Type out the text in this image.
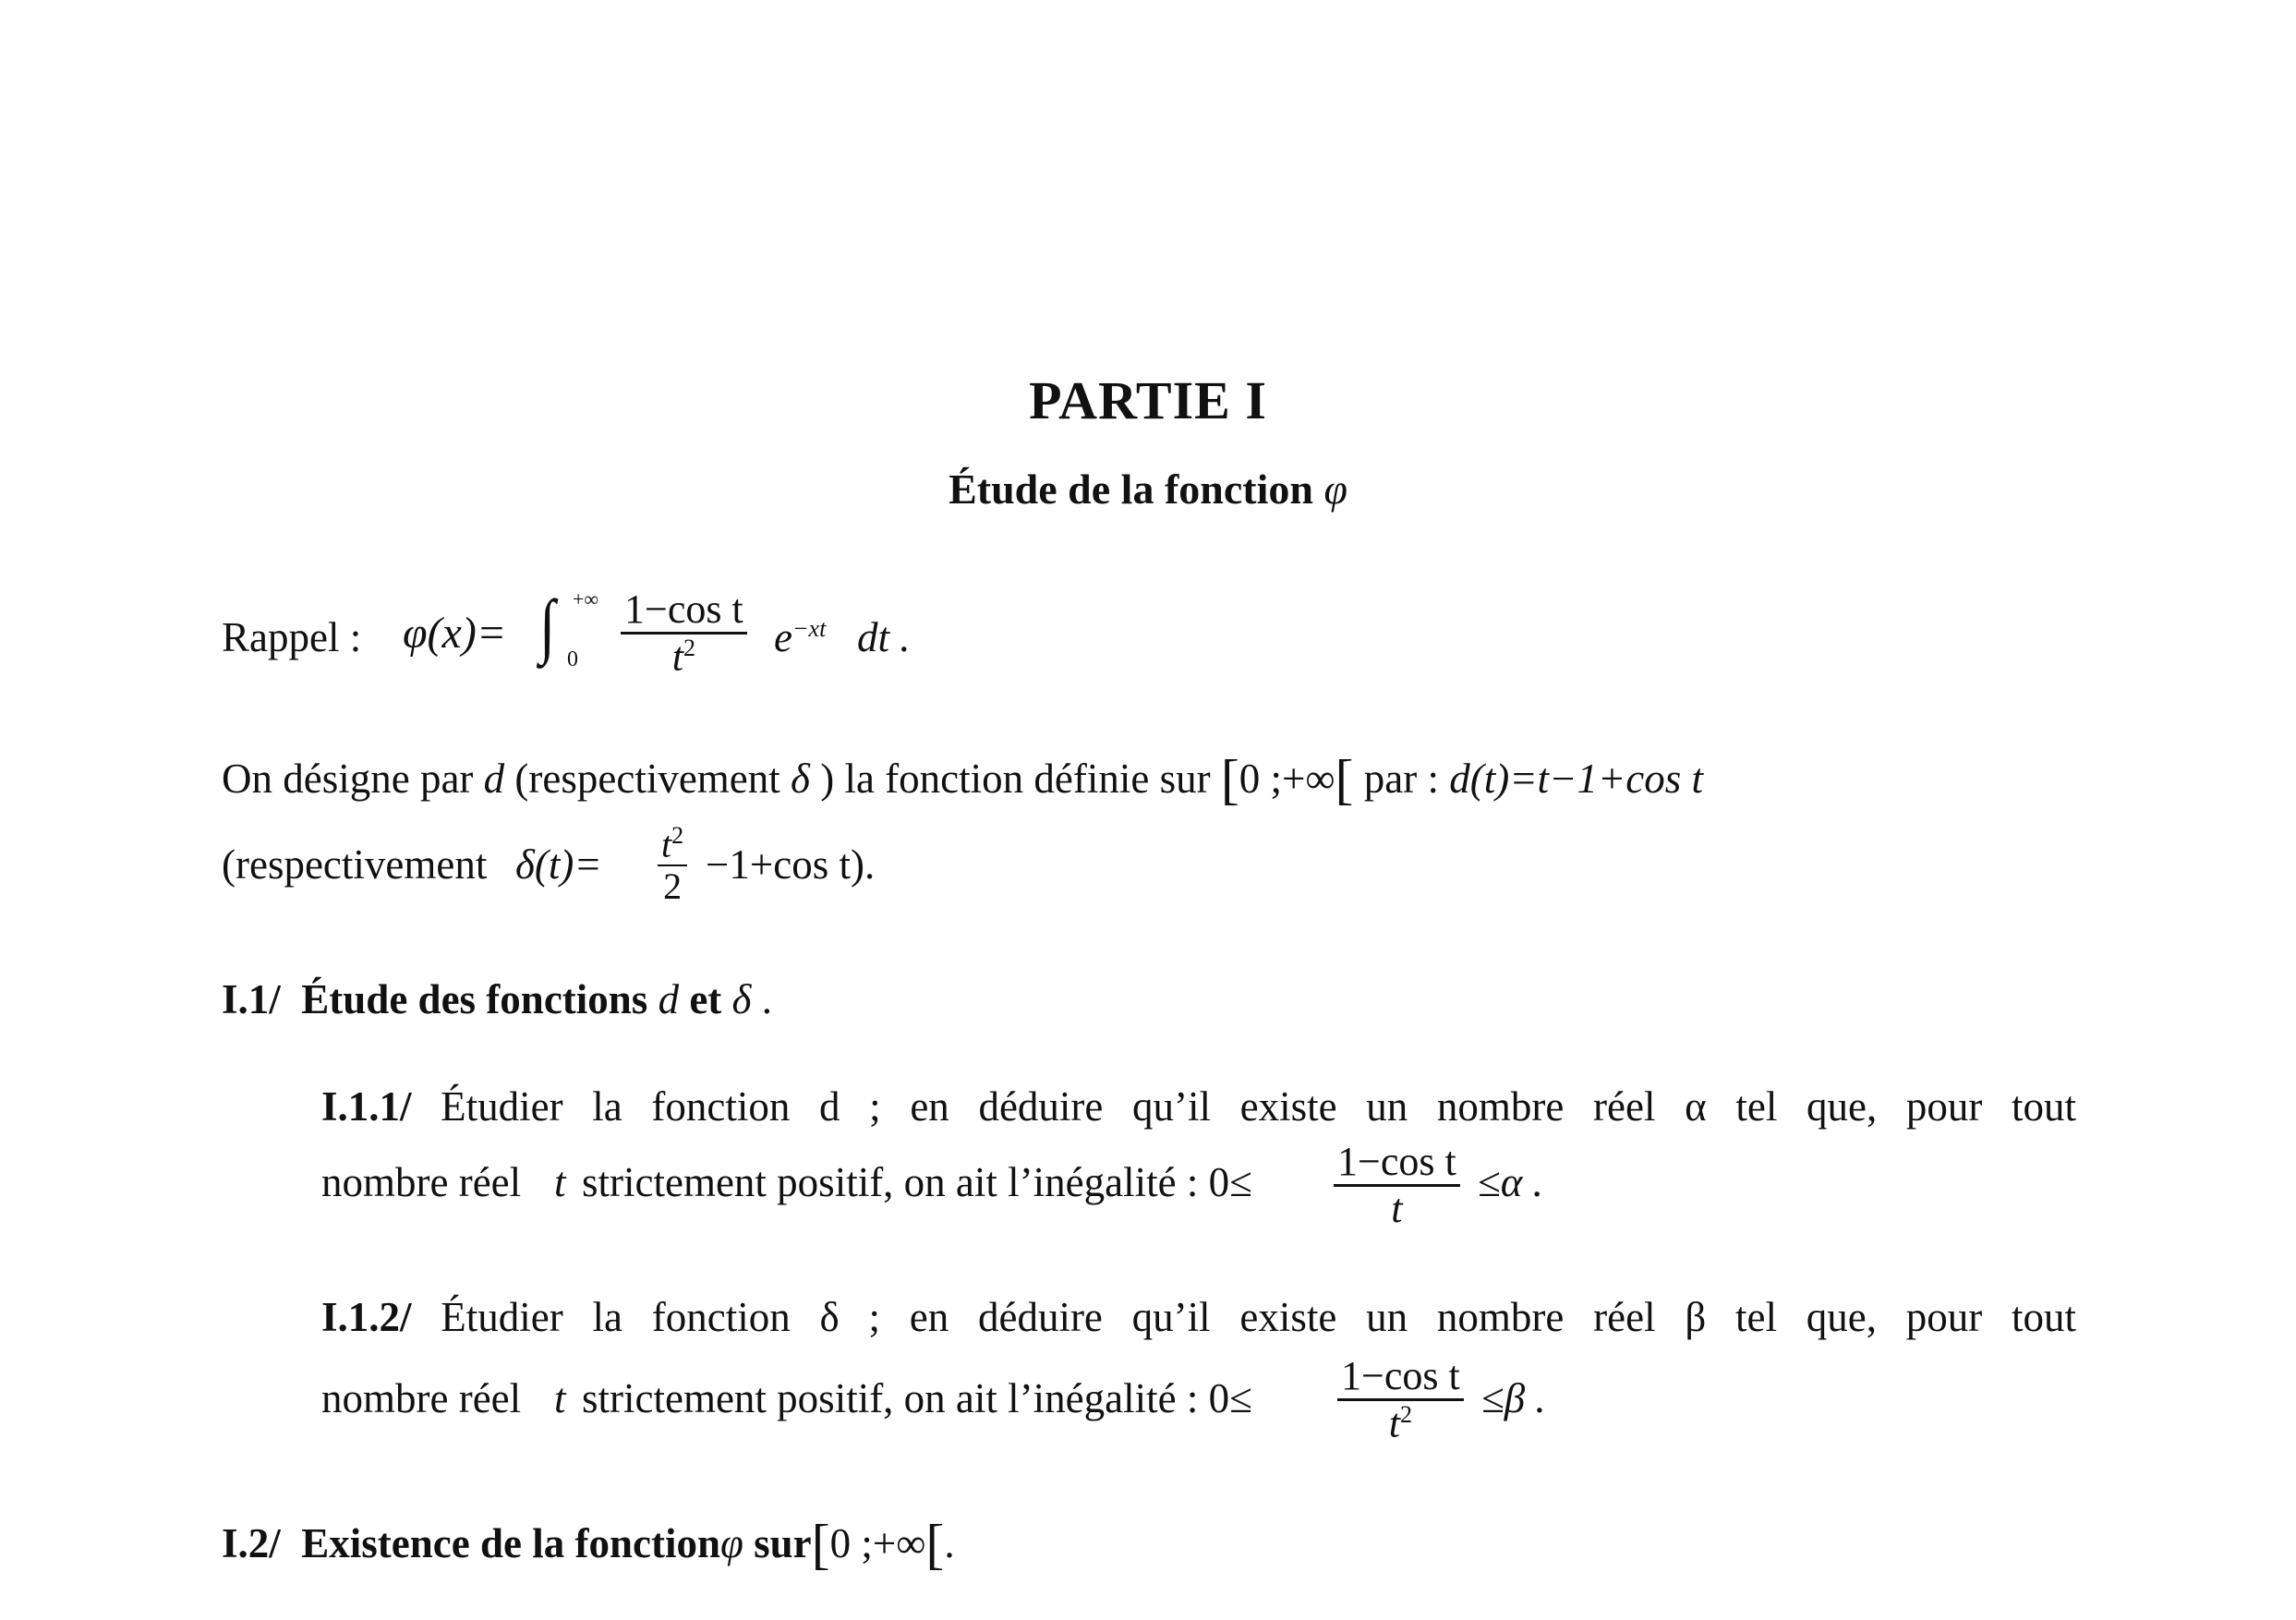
PARTIE I
Étude de la fonction φ
Rappel : φ(x)= ∫ +∞
$0 \frac{\text{1−cos t}}{t^2} e^{-xt}$ dt .
On désigne par d (respectivement δ ) la fonction définie sur [0 ;+∞[ par : d(t)=t−1+cos t
(respectivement $\delta(t)= \frac{t^2}{2} -1+\cos$ t).
I.1/ Étude des fonctions d et δ .
I.1.1/ Étudier la fonction d ; en déduire qu’il existe un nombre réel α tel que, pour tout
nombre réel t strictement positif, on ait l’inégalité : $0\le \frac{\text{1−cos t}}{t} \le\alpha$ .
I.1.2/ Étudier la fonction δ ; en déduire qu’il existe un nombre réel β tel que, pour tout
nombre réel t strictement positif, on ait l’inégalité : $0\le \frac{\text{1−cos t}}{t^2} \le\beta$ .
I.2/ Existence de la fonctionφ sur[0 ;+∞[.
